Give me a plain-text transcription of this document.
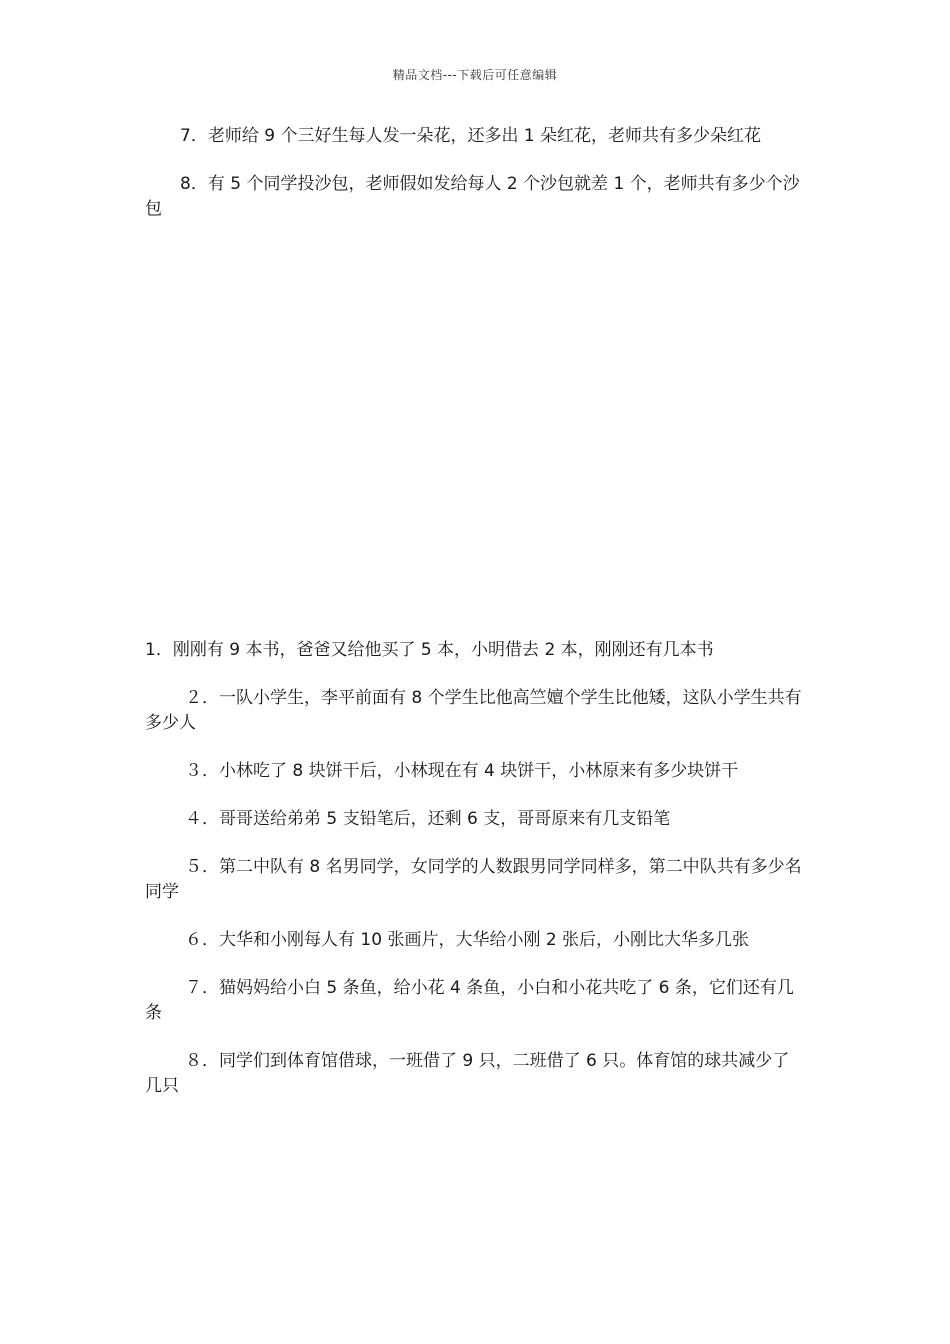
精品文档---下载后可任意编辑

7．老师给 9 个三好生每人发一朵花，还多出 1 朵红花，老师共有多少朵红花

8．有 5 个同学投沙包，老师假如发给每人 2 个沙包就差 1 个，老师共有多少个沙包

1．刚刚有 9 本书，爸爸又给他买了 5 本，小明借去 2 本，刚刚还有几本书

２．一队小学生，李平前面有 8 个学生比他高竺嬗个学生比他矮，这队小学生共有多少人

３．小林吃了 8 块饼干后，小林现在有 4 块饼干，小林原来有多少块饼干

４．哥哥送给弟弟 5 支铅笔后，还剩 6 支，哥哥原来有几支铅笔

５．第二中队有 8 名男同学，女同学的人数跟男同学同样多，第二中队共有多少名同学

６．大华和小刚每人有 10 张画片，大华给小刚 2 张后，小刚比大华多几张

７．猫妈妈给小白 5 条鱼，给小花 4 条鱼，小白和小花共吃了 6 条，它们还有几条

８．同学们到体育馆借球，一班借了 9 只，二班借了 6 只。体育馆的球共减少了几只
